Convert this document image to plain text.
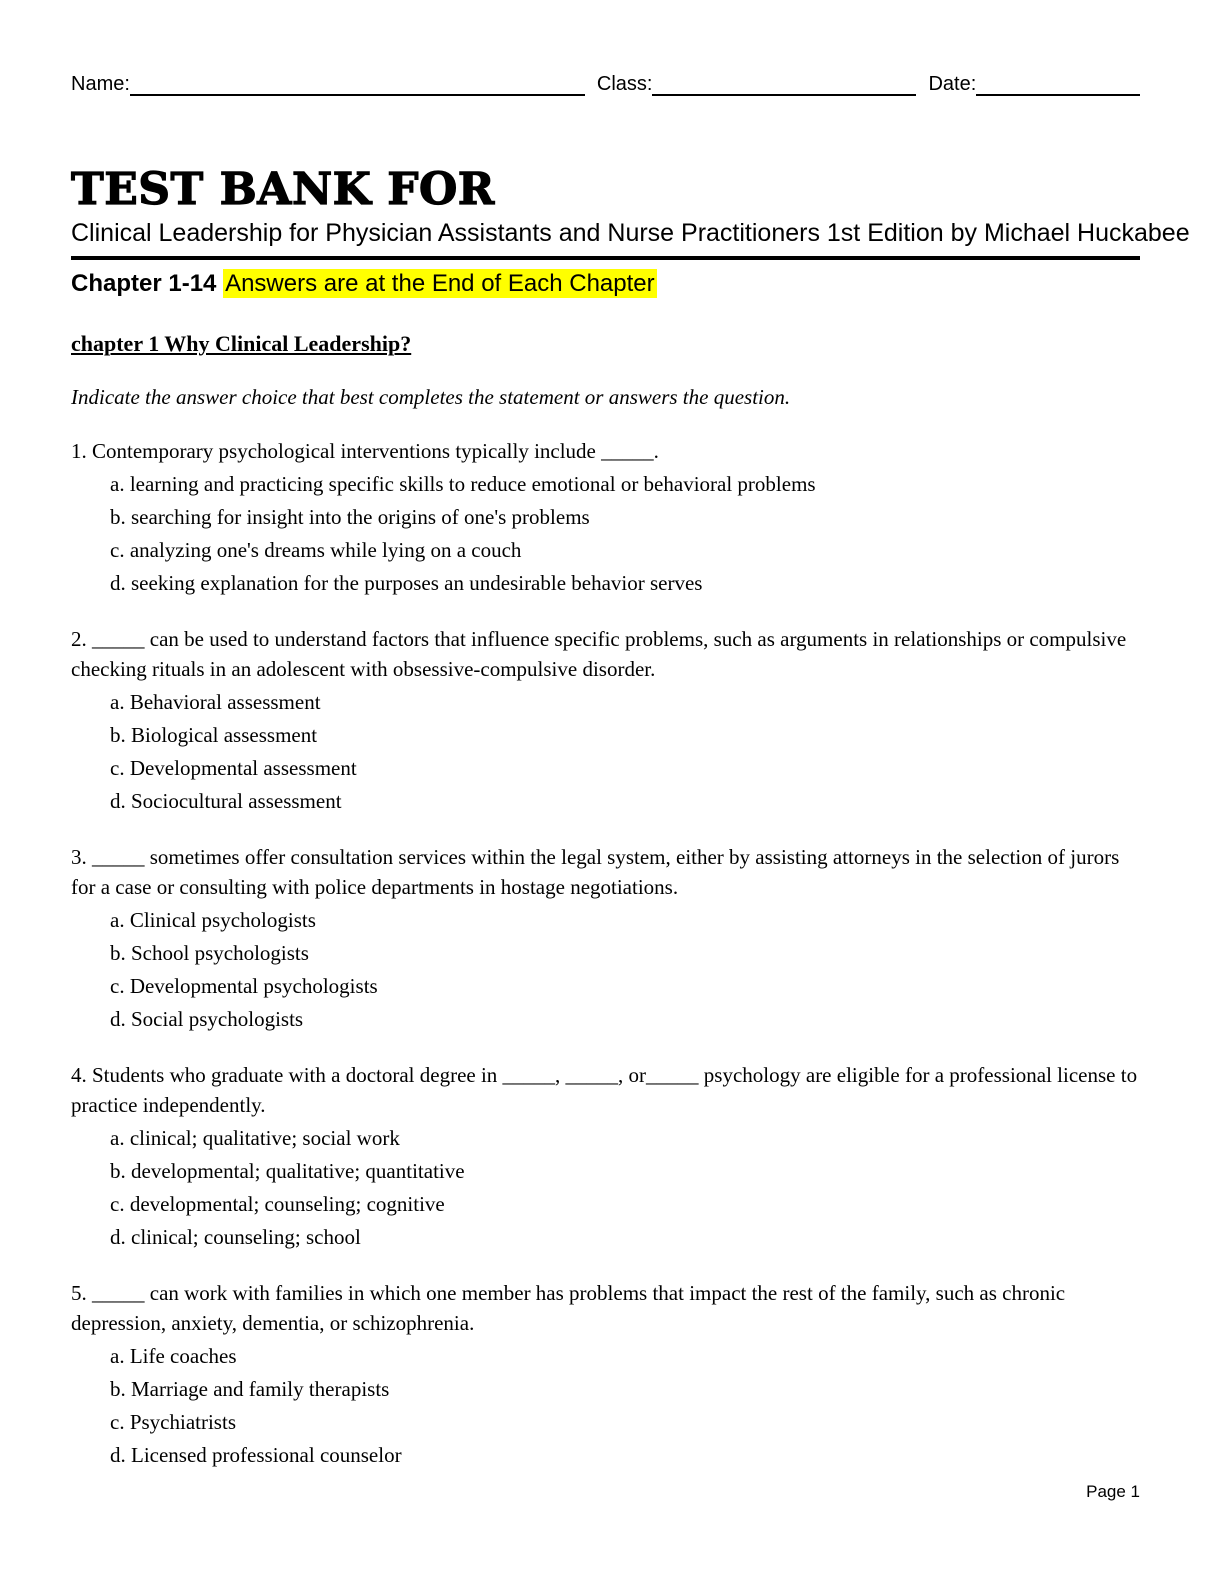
Name:	Class:	Date:
TEST BANK FOR
Clinical Leadership for Physician Assistants and Nurse Practitioners 1st Edition by Michael Huckabee
Chapter 1-14 Answers are at the End of Each Chapter
chapter 1 Why Clinical Leadership?
Indicate the answer choice that best completes the statement or answers the question.
1. Contemporary psychological interventions typically include _____.
a. learning and practicing specific skills to reduce emotional or behavioral problems
b. searching for insight into the origins of one's problems
c. analyzing one's dreams while lying on a couch
d. seeking explanation for the purposes an undesirable behavior serves
2. _____ can be used to understand factors that influence specific problems, such as arguments in relationships or compulsive checking rituals in an adolescent with obsessive-compulsive disorder.
a. Behavioral assessment
b. Biological assessment
c. Developmental assessment
d. Sociocultural assessment
3. _____ sometimes offer consultation services within the legal system, either by assisting attorneys in the selection of jurors for a case or consulting with police departments in hostage negotiations.
a. Clinical psychologists
b. School psychologists
c. Developmental psychologists
d. Social psychologists
4. Students who graduate with a doctoral degree in _____, _____, or_____ psychology are eligible for a professional license to practice independently.
a. clinical; qualitative; social work
b. developmental; qualitative; quantitative
c. developmental; counseling; cognitive
d. clinical; counseling; school
5. _____ can work with families in which one member has problems that impact the rest of the family, such as chronic depression, anxiety, dementia, or schizophrenia.
a. Life coaches
b. Marriage and family therapists
c. Psychiatrists
d. Licensed professional counselor
Page 1
